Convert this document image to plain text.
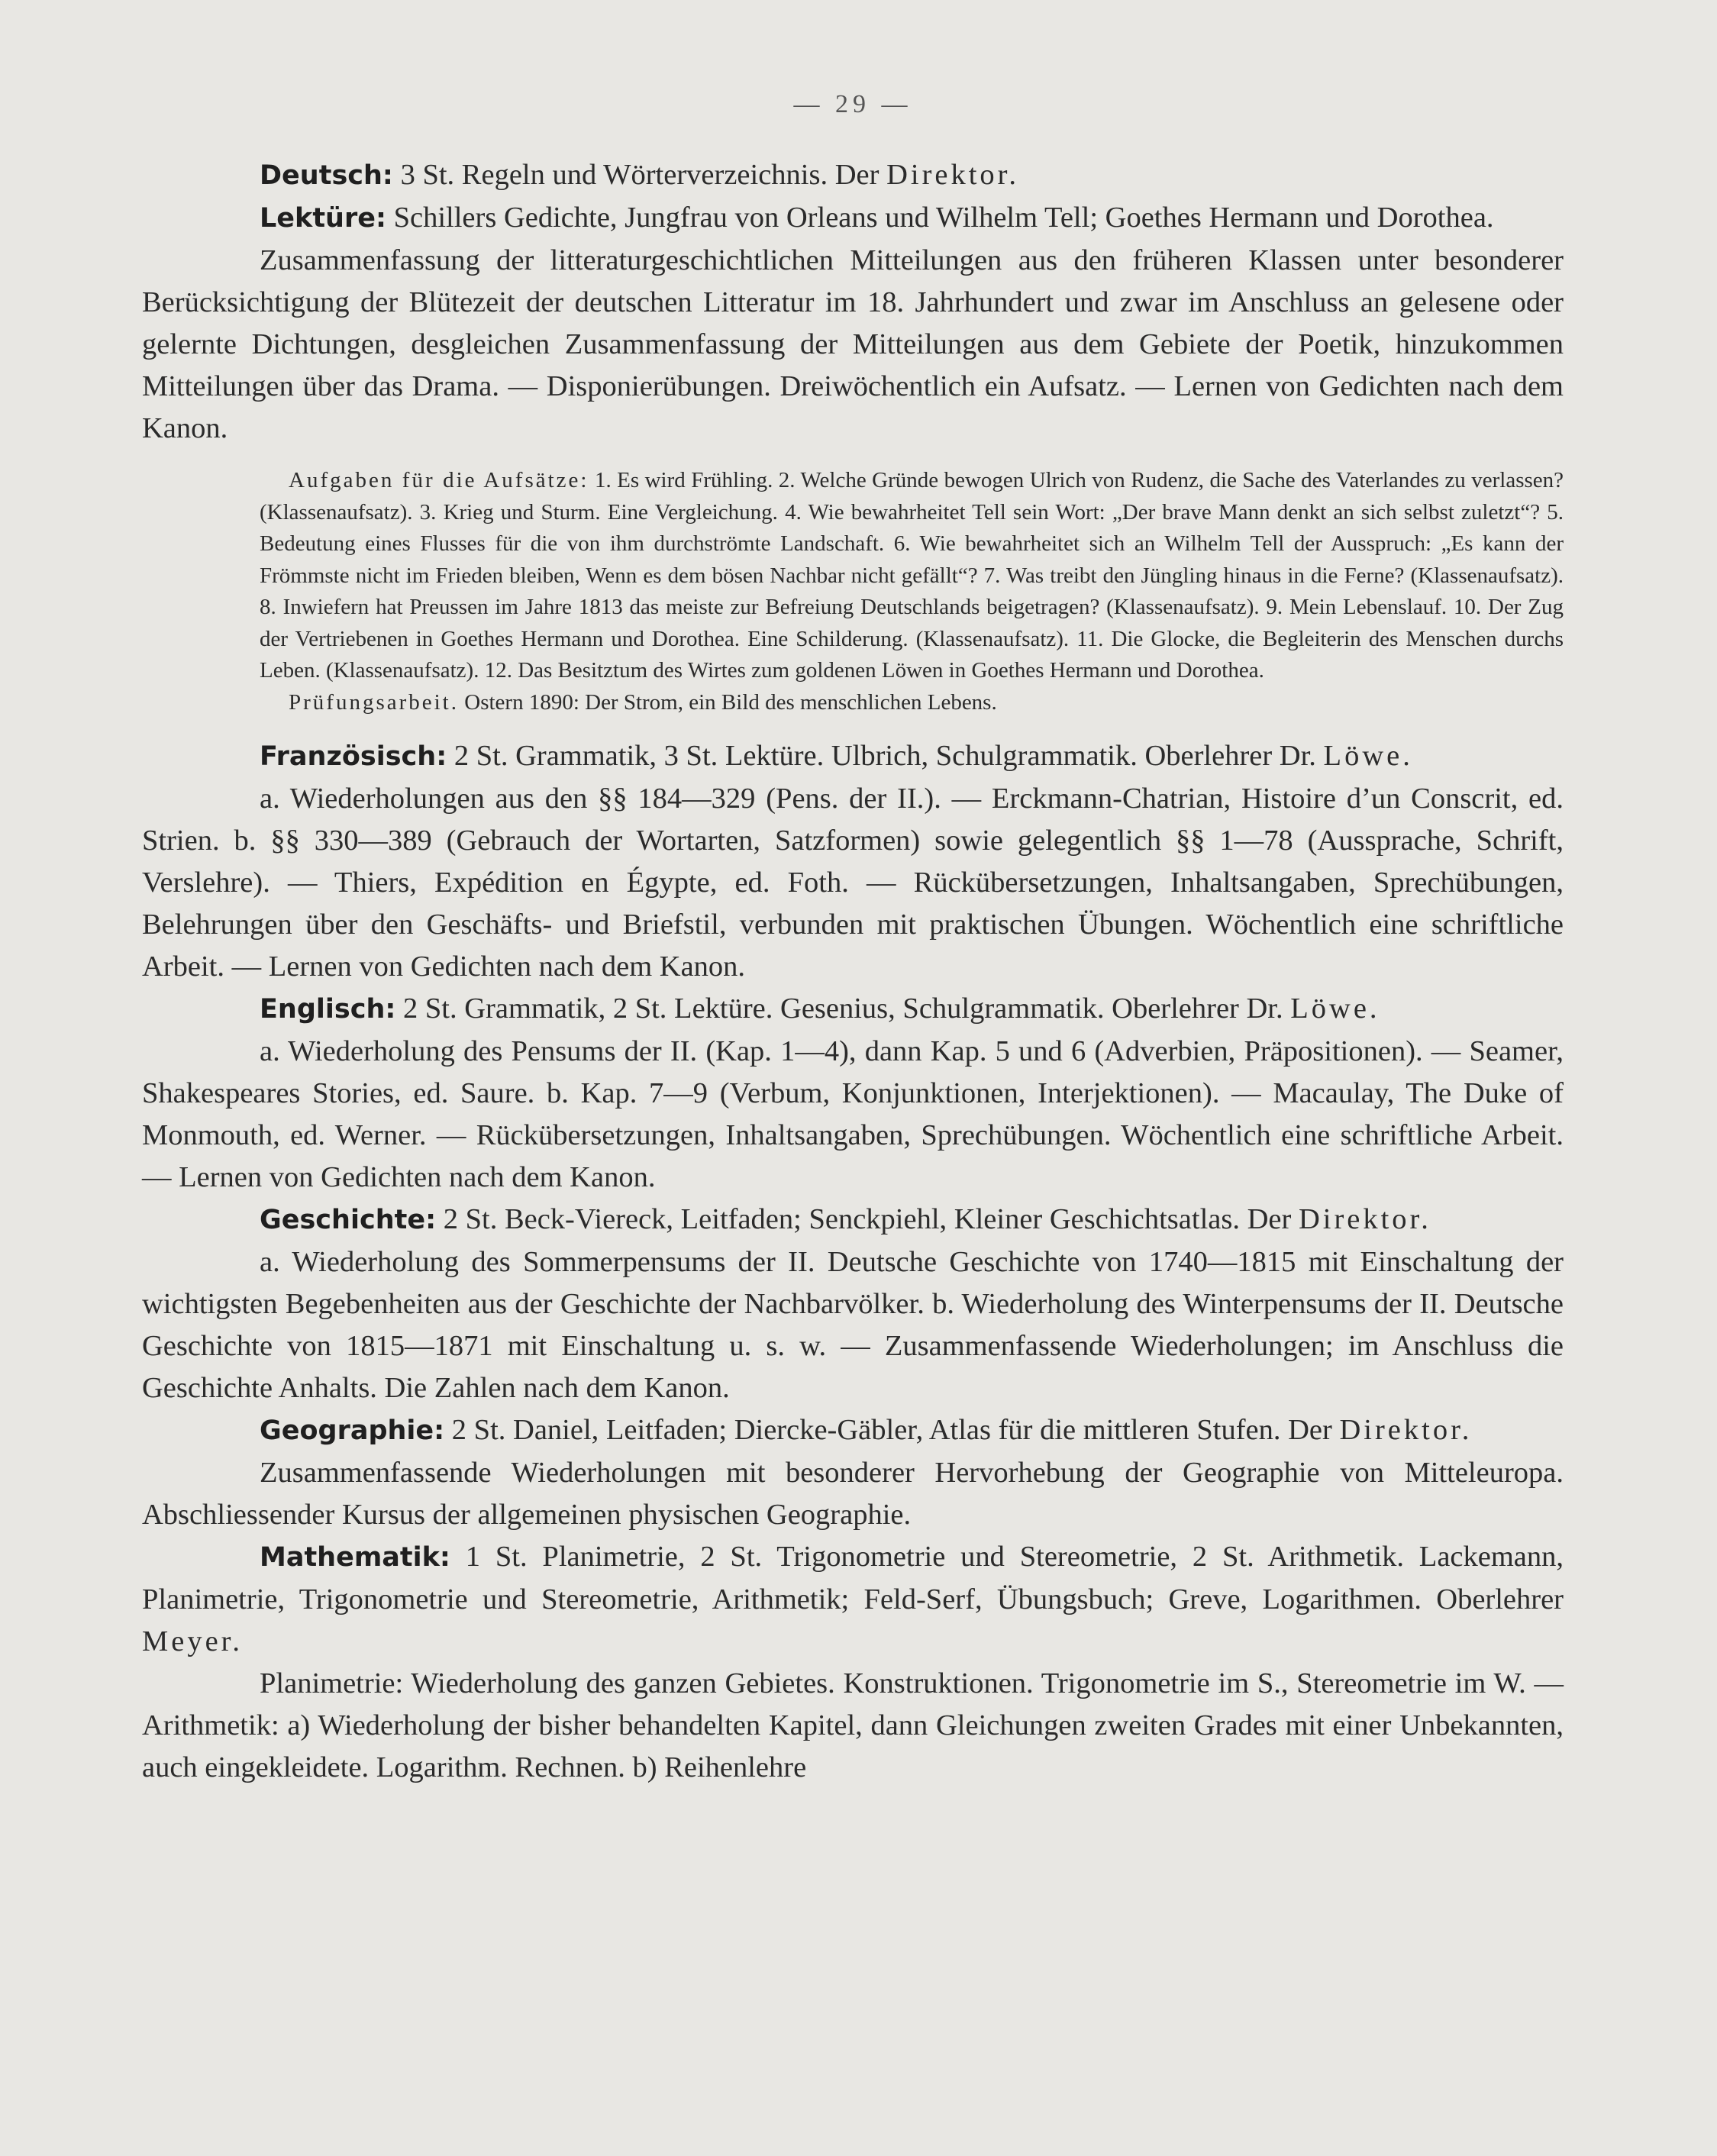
— 29 —

Deutsch: 3 St. Regeln und Wörterverzeichnis. Der Direktor.

Lektüre: Schillers Gedichte, Jungfrau von Orleans und Wilhelm Tell; Goethes Hermann und Dorothea.

Zusammenfassung der litteraturgeschichtlichen Mitteilungen aus den früheren Klassen unter besonderer Berücksichtigung der Blütezeit der deutschen Litteratur im 18. Jahrhundert und zwar im Anschluss an gelesene oder gelernte Dichtungen, desgleichen Zusammenfassung der Mitteilungen aus dem Gebiete der Poetik, hinzukommen Mitteilungen über das Drama. — Disponierübungen. Dreiwöchentlich ein Aufsatz. — Lernen von Gedichten nach dem Kanon.

Aufgaben für die Aufsätze: 1. Es wird Frühling. 2. Welche Gründe bewogen Ulrich von Rudenz, die Sache des Vaterlandes zu verlassen? (Klassenaufsatz). 3. Krieg und Sturm. Eine Vergleichung. 4. Wie bewahrheitet Tell sein Wort: „Der brave Mann denkt an sich selbst zuletzt“? 5. Bedeutung eines Flusses für die von ihm durchströmte Landschaft. 6. Wie bewahrheitet sich an Wilhelm Tell der Ausspruch: „Es kann der Frömmste nicht im Frieden bleiben, Wenn es dem bösen Nachbar nicht gefällt“? 7. Was treibt den Jüngling hinaus in die Ferne? (Klassenaufsatz). 8. Inwiefern hat Preussen im Jahre 1813 das meiste zur Befreiung Deutschlands beigetragen? (Klassenaufsatz). 9. Mein Lebenslauf. 10. Der Zug der Vertriebenen in Goethes Hermann und Dorothea. Eine Schilderung. (Klassenaufsatz). 11. Die Glocke, die Begleiterin des Menschen durchs Leben. (Klassenaufsatz). 12. Das Besitztum des Wirtes zum goldenen Löwen in Goethes Hermann und Dorothea.

Prüfungsarbeit. Ostern 1890: Der Strom, ein Bild des menschlichen Lebens.

Französisch: 2 St. Grammatik, 3 St. Lektüre. Ulbrich, Schulgrammatik. Oberlehrer Dr. Löwe.

a. Wiederholungen aus den §§ 184—329 (Pens. der II.). — Erckmann-Chatrian, Histoire d’un Conscrit, ed. Strien. b. §§ 330—389 (Gebrauch der Wortarten, Satzformen) sowie gelegentlich §§ 1—78 (Aussprache, Schrift, Verslehre). — Thiers, Expédition en Égypte, ed. Foth. — Rückübersetzungen, Inhaltsangaben, Sprechübungen, Belehrungen über den Geschäfts- und Briefstil, verbunden mit praktischen Übungen. Wöchentlich eine schriftliche Arbeit. — Lernen von Gedichten nach dem Kanon.

Englisch: 2 St. Grammatik, 2 St. Lektüre. Gesenius, Schulgrammatik. Oberlehrer Dr. Löwe.

a. Wiederholung des Pensums der II. (Kap. 1—4), dann Kap. 5 und 6 (Adverbien, Präpositionen). — Seamer, Shakespeares Stories, ed. Saure. b. Kap. 7—9 (Verbum, Konjunktionen, Interjektionen). — Macaulay, The Duke of Monmouth, ed. Werner. — Rückübersetzungen, Inhaltsangaben, Sprechübungen. Wöchentlich eine schriftliche Arbeit. — Lernen von Gedichten nach dem Kanon.

Geschichte: 2 St. Beck-Viereck, Leitfaden; Senckpiehl, Kleiner Geschichtsatlas. Der Direktor.

a. Wiederholung des Sommerpensums der II. Deutsche Geschichte von 1740—1815 mit Einschaltung der wichtigsten Begebenheiten aus der Geschichte der Nachbarvölker. b. Wiederholung des Winterpensums der II. Deutsche Geschichte von 1815—1871 mit Einschaltung u. s. w. — Zusammenfassende Wiederholungen; im Anschluss die Geschichte Anhalts. Die Zahlen nach dem Kanon.

Geographie: 2 St. Daniel, Leitfaden; Diercke-Gäbler, Atlas für die mittleren Stufen. Der Direktor.

Zusammenfassende Wiederholungen mit besonderer Hervorhebung der Geographie von Mitteleuropa. Abschliessender Kursus der allgemeinen physischen Geographie.

Mathematik: 1 St. Planimetrie, 2 St. Trigonometrie und Stereometrie, 2 St. Arithmetik. Lackemann, Planimetrie, Trigonometrie und Stereometrie, Arithmetik; Feld-Serf, Übungsbuch; Greve, Logarithmen. Oberlehrer Meyer.

Planimetrie: Wiederholung des ganzen Gebietes. Konstruktionen. Trigonometrie im S., Stereometrie im W. — Arithmetik: a) Wiederholung der bisher behandelten Kapitel, dann Gleichungen zweiten Grades mit einer Unbekannten, auch eingekleidete. Logarithm. Rechnen. b) Reihenlehre
